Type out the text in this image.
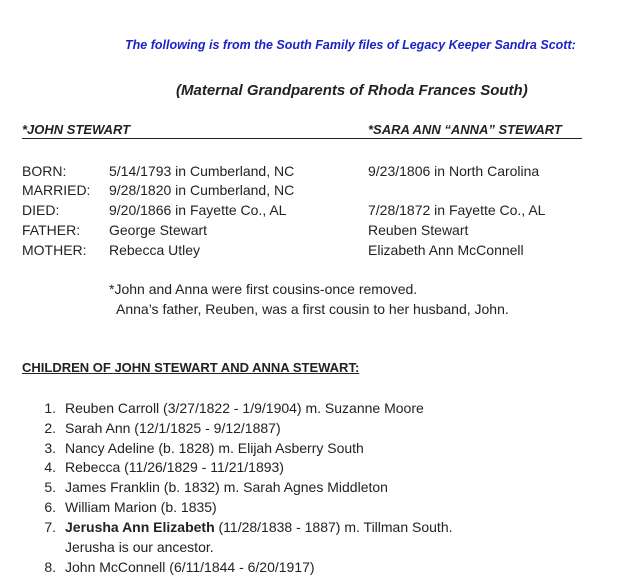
The following is from the South Family files of Legacy Keeper Sandra Scott:
(Maternal Grandparents of Rhoda Frances South)
*JOHN STEWART	*SARA ANN “ANNA” STEWART
BORN:	5/14/1793 in Cumberland, NC	9/23/1806 in North Carolina
MARRIED: 9/28/1820 in Cumberland, NC
DIED:	9/20/1866 in Fayette Co., AL	7/28/1872 in Fayette Co., AL
FATHER: George Stewart	Reuben Stewart
MOTHER: Rebecca Utley	Elizabeth Ann McConnell
*John and Anna were first cousins-once removed.
Anna’s father, Reuben, was a first cousin to her husband, John.
CHILDREN OF JOHN STEWART AND ANNA STEWART:
1. Reuben Carroll (3/27/1822 - 1/9/1904) m. Suzanne Moore
2. Sarah Ann (12/1/1825 - 9/12/1887)
3. Nancy Adeline (b. 1828) m. Elijah Asberry South
4. Rebecca (11/26/1829 - 11/21/1893)
5. James Franklin (b. 1832) m. Sarah Agnes Middleton
6. William Marion (b. 1835)
7. Jerusha Ann Elizabeth (11/28/1838 - 1887) m. Tillman South.
Jerusha is our ancestor.
8. John McConnell (6/11/1844 - 6/20/1917)
